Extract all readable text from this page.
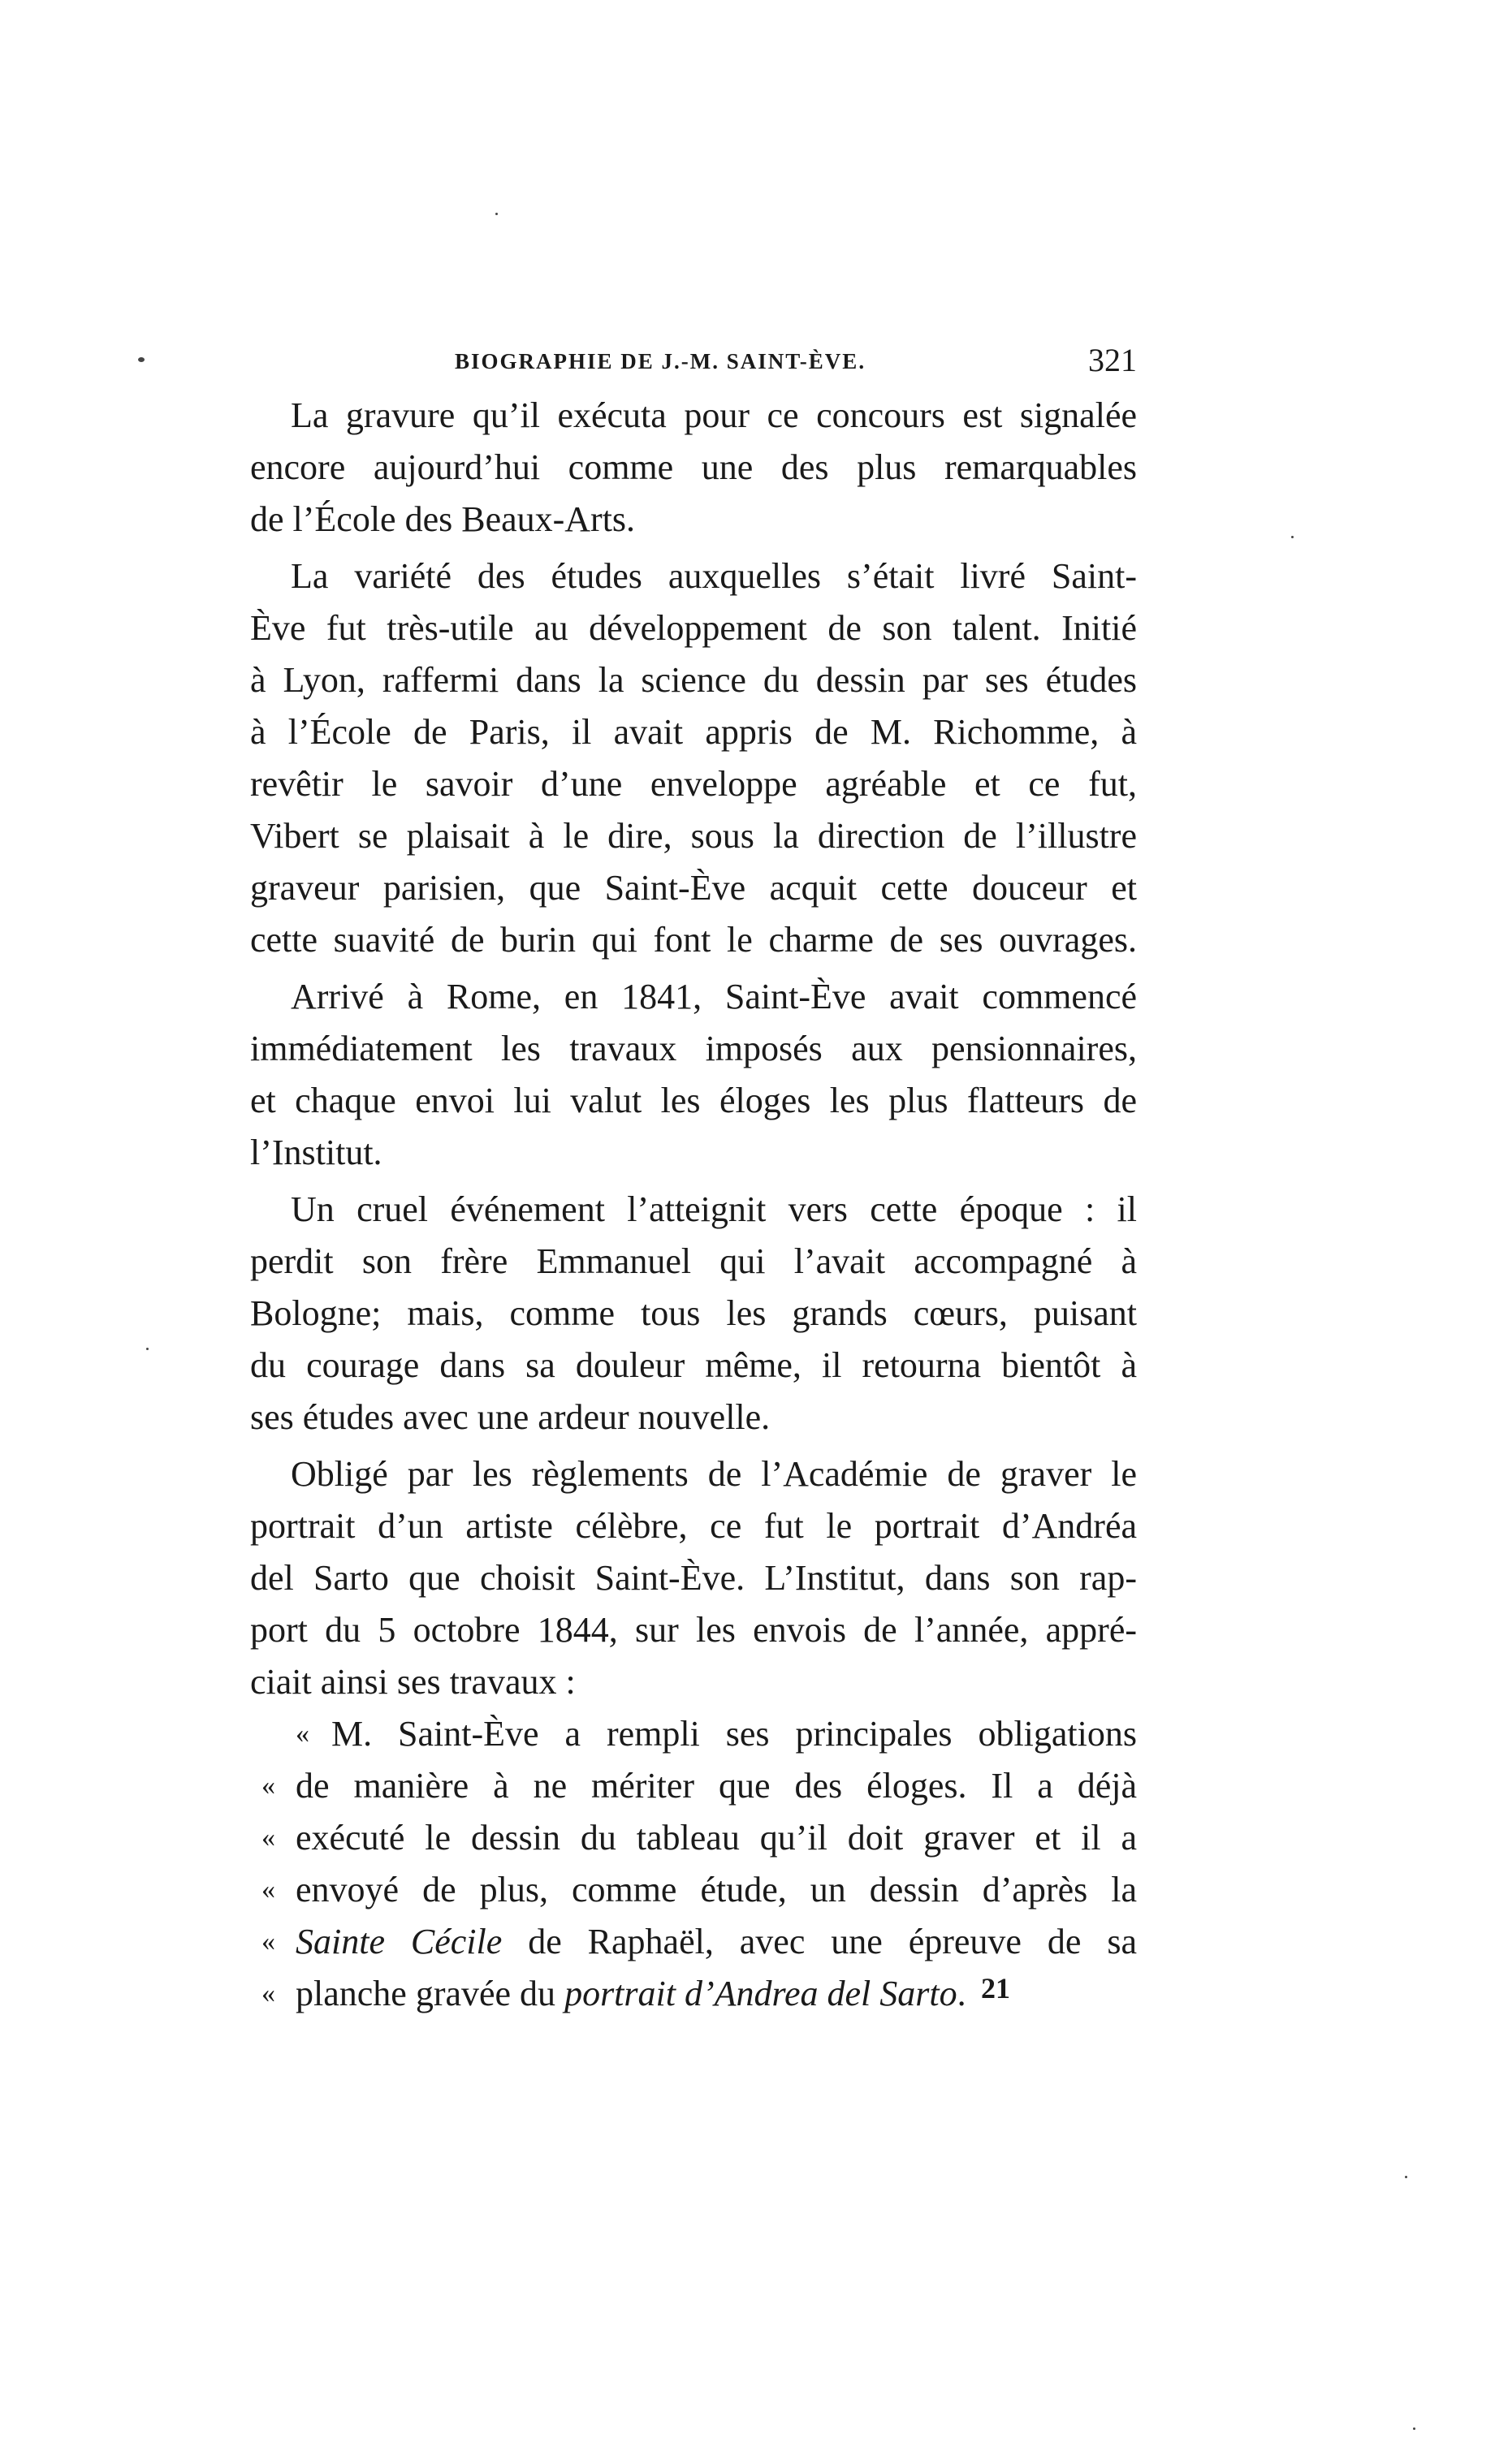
BIOGRAPHIE DE J.-M. SAINT-ÈVE.	321
La gravure qu’il exécuta pour ce concours est signalée
encore aujourd’hui comme une des plus remarquables
de l’École des Beaux-Arts.
La variété des études auxquelles s’était livré Saint-
Ève fut très-utile au développement de son talent. Initié
à Lyon, raffermi dans la science du dessin par ses études
à l’École de Paris, il avait appris de M. Richomme, à
revêtir le savoir d’une enveloppe agréable et ce fut,
Vibert se plaisait à le dire, sous la direction de l’illustre
graveur parisien, que Saint-Ève acquit cette douceur et
cette suavité de burin qui font le charme de ses ouvrages.
Arrivé à Rome, en 1841, Saint-Ève avait commencé
immédiatement les travaux imposés aux pensionnaires,
et chaque envoi lui valut les éloges les plus flatteurs de
l’Institut.
Un cruel événement l’atteignit vers cette époque : il
perdit son frère Emmanuel qui l’avait accompagné à
Bologne; mais, comme tous les grands cœurs, puisant
du courage dans sa douleur même, il retourna bientôt à
ses études avec une ardeur nouvelle.
Obligé par les règlements de l’Académie de graver le
portrait d’un artiste célèbre, ce fut le portrait d’Andréa
del Sarto que choisit Saint-Ève. L’Institut, dans son rap-
port du 5 octobre 1844, sur les envois de l’année, appré-
ciait ainsi ses travaux :
« M. Saint-Ève a rempli ses principales obligations
« de manière à ne mériter que des éloges. Il a déjà
« exécuté le dessin du tableau qu’il doit graver et il a
« envoyé de plus, comme étude, un dessin d’après la
« Sainte Cécile de Raphaël, avec une épreuve de sa
« planche gravée du portrait d’Andrea del Sarto. 21
